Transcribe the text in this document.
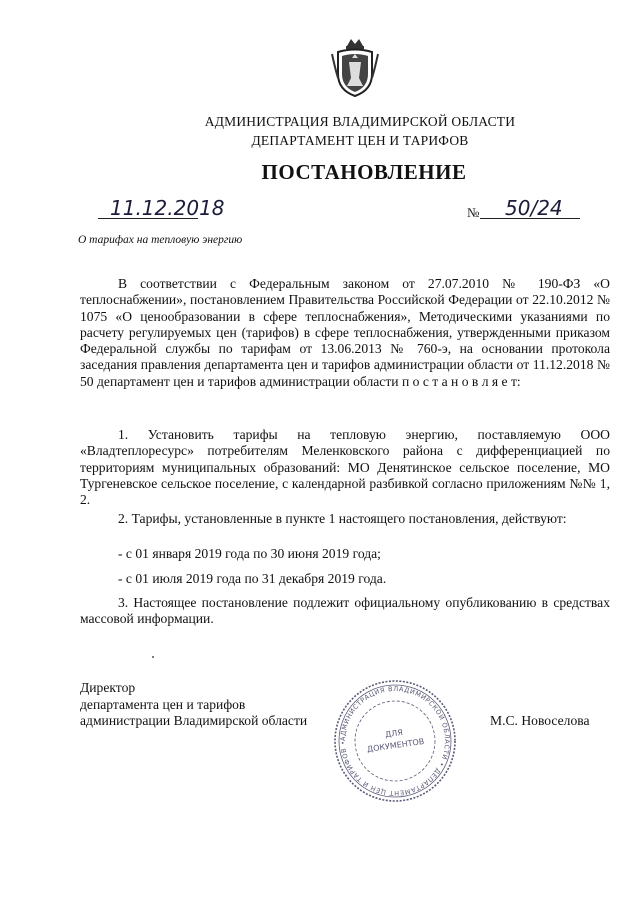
АДМИНИСТРАЦИЯ ВЛАДИМИРСКОЙ ОБЛАСТИ
ДЕПАРТАМЕНТ ЦЕН И ТАРИФОВ
ПОСТАНОВЛЕНИЕ
11.12.2018	№ 50/24
О тарифах на тепловую энергию
В соответствии с Федеральным законом от 27.07.2010 № 190-ФЗ «О теплоснабжении», постановлением Правительства Российской Федерации от 22.10.2012 № 1075 «О ценообразовании в сфере теплоснабжения», Методическими указаниями по расчету регулируемых цен (тарифов) в сфере теплоснабжения, утвержденными приказом Федеральной службы по тарифам от 13.06.2013 № 760-э, на основании протокола заседания правления департамента цен и тарифов администрации области от 11.12.2018 № 50 департамент цен и тарифов администрации области п о с т а н о в л я е т:
1. Установить тарифы на тепловую энергию, поставляемую ООО «Владтеплоресурс» потребителям Меленковского района с дифференциацией по территориям муниципальных образований: МО Денятинское сельское поселение, МО Тургеневское сельское поселение, с календарной разбивкой согласно приложениям №№ 1, 2.
2. Тарифы, установленные в пункте 1 настоящего постановления, действуют:
- с 01 января 2019 года по 30 июня 2019 года;
- с 01 июля 2019 года по 31 декабря 2019 года.
3. Настоящее постановление подлежит официальному опубликованию в средствах массовой информации.
Директор
департамента цен и тарифов
администрации Владимирской области	М.С. Новоселова
АДМИНИСТРАЦИЯ ВЛАДИМИРСКОЙ ОБЛАСТИ • ДЕПАРТАМЕНТ ЦЕН И ТАРИФОВ •
ДЛЯ
ДОКУМЕНТОВ
